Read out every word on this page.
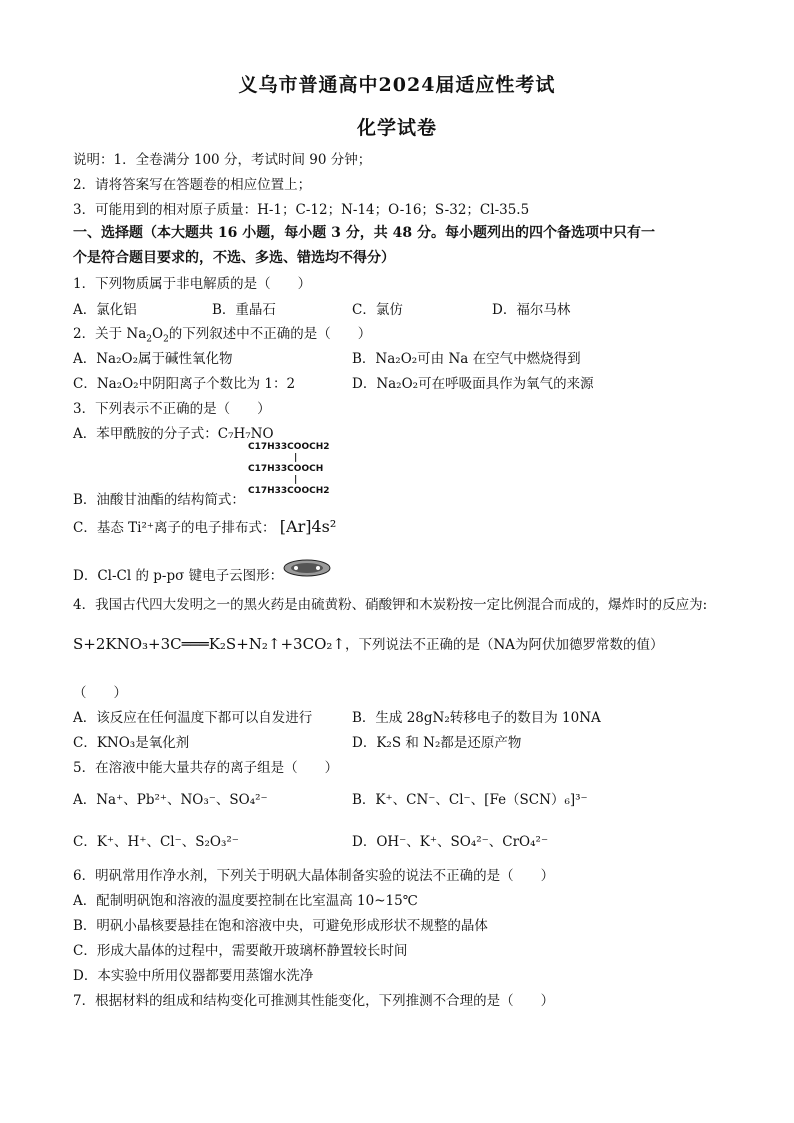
义乌市普通高中2024届适应性考试
化学试卷
说明：1．全卷满分 100 分，考试时间 90 分钟；
2．请将答案写在答题卷的相应位置上；
3．可能用到的相对原子质量：H-1；C-12；N-14；O-16；S-32；Cl-35.5
一、选择题（本大题共 16 小题，每小题 3 分，共 48 分。每小题列出的四个备选项中只有一
个是符合题目要求的，不选、多选、错选均不得分）
1．下列物质属于非电解质的是（　　）
A．氯化铝	B．重晶石	C．氯仿	D．福尔马林
2．关于 $Na_2O_2$的下列叙述中不正确的是（　　）
A．Na₂O₂属于碱性氧化物	B．Na₂O₂可由 Na 在空气中燃烧得到
C．Na₂O₂中阴阳离子个数比为 1：2	D．Na₂O₂可在呼吸面具作为氧气的来源
3．下列表示不正确的是（　　）
A．苯甲酰胺的分子式：C₇H₇NO
C17H33COOCH2
|
C17H33COOCH
|
C17H33COOCH2
B．油酸甘油酯的结构简式：
C．基态 Ti²⁺离子的电子排布式： [Ar]4s²
D．Cl-Cl 的 p-pσ 键电子云图形：
4．我国古代四大发明之一的黑火药是由硫黄粉、硝酸钾和木炭粉按一定比例混合而成的，爆炸时的反应为:
S+2KNO₃+3C═══K₂S+N₂↑+3CO₂↑，下列说法不正确的是（NA为阿伏加德罗常数的值）
（　　）
A．该反应在任何温度下都可以自发进行	B．生成 28gN₂转移电子的数目为 10NA
C．KNO₃是氧化剂	D．K₂S 和 N₂都是还原产物
5．在溶液中能大量共存的离子组是（　　）
A．Na⁺、Pb²⁺、NO₃⁻、SO₄²⁻	B．K⁺、CN⁻、Cl⁻、[Fe（SCN）₆]³⁻
C．K⁺、H⁺、Cl⁻、S₂O₃²⁻	D．OH⁻、K⁺、SO₄²⁻、CrO₄²⁻
6．明矾常用作净水剂，下列关于明矾大晶体制备实验的说法不正确的是（　　）
A．配制明矾饱和溶液的温度要控制在比室温高 10~15℃
B．明矾小晶核要悬挂在饱和溶液中央，可避免形成形状不规整的晶体
C．形成大晶体的过程中，需要敞开玻璃杯静置较长时间
D．本实验中所用仪器都要用蒸馏水洗净
7．根据材料的组成和结构变化可推测其性能变化，下列推测不合理的是（　　）
